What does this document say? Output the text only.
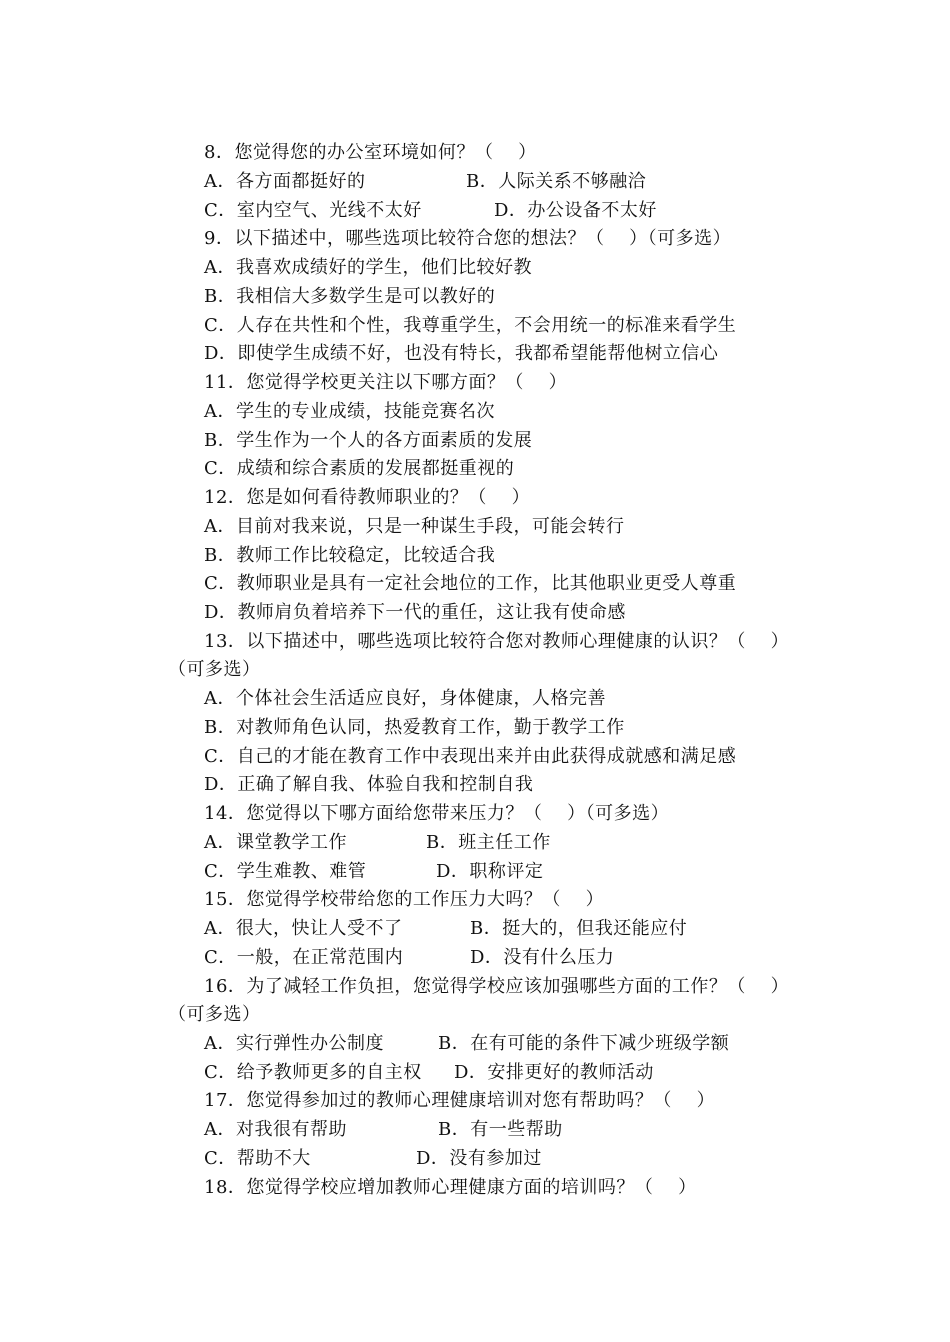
8．您觉得您的办公室环境如何？（　 ）
A．各方面都挺好的	B．人际关系不够融洽
C．室内空气、光线不太好	D．办公设备不太好
9．以下描述中，哪些选项比较符合您的想法？（　 ）（可多选）
A．我喜欢成绩好的学生，他们比较好教
B．我相信大多数学生是可以教好的
C．人存在共性和个性，我尊重学生，不会用统一的标准来看学生
D．即使学生成绩不好，也没有特长，我都希望能帮他树立信心
11．您觉得学校更关注以下哪方面？（　 ）
A．学生的专业成绩，技能竞赛名次
B．学生作为一个人的各方面素质的发展
C．成绩和综合素质的发展都挺重视的
12．您是如何看待教师职业的？（　 ）
A．目前对我来说，只是一种谋生手段，可能会转行
B．教师工作比较稳定，比较适合我
C．教师职业是具有一定社会地位的工作，比其他职业更受人尊重
D．教师肩负着培养下一代的重任，这让我有使命感
13．以下描述中，哪些选项比较符合您对教师心理健康的认识？（　 ）
（可多选）
A．个体社会生活适应良好，身体健康，人格完善
B．对教师角色认同，热爱教育工作，勤于教学工作
C．自己的才能在教育工作中表现出来并由此获得成就感和满足感
D．正确了解自我、体验自我和控制自我
14．您觉得以下哪方面给您带来压力？（　 ）（可多选）
A．课堂教学工作	B．班主任工作
C．学生难教、难管	D．职称评定
15．您觉得学校带给您的工作压力大吗？（　 ）
A．很大，快让人受不了	B．挺大的，但我还能应付
C．一般，在正常范围内	D．没有什么压力
16．为了减轻工作负担，您觉得学校应该加强哪些方面的工作？（　 ）
（可多选）
A．实行弹性办公制度	B．在有可能的条件下减少班级学额
C．给予教师更多的自主权 D．安排更好的教师活动
17．您觉得参加过的教师心理健康培训对您有帮助吗？（　 ）
A．对我很有帮助	B．有一些帮助
C．帮助不大	D．没有参加过
18．您觉得学校应增加教师心理健康方面的培训吗？（　 ）
